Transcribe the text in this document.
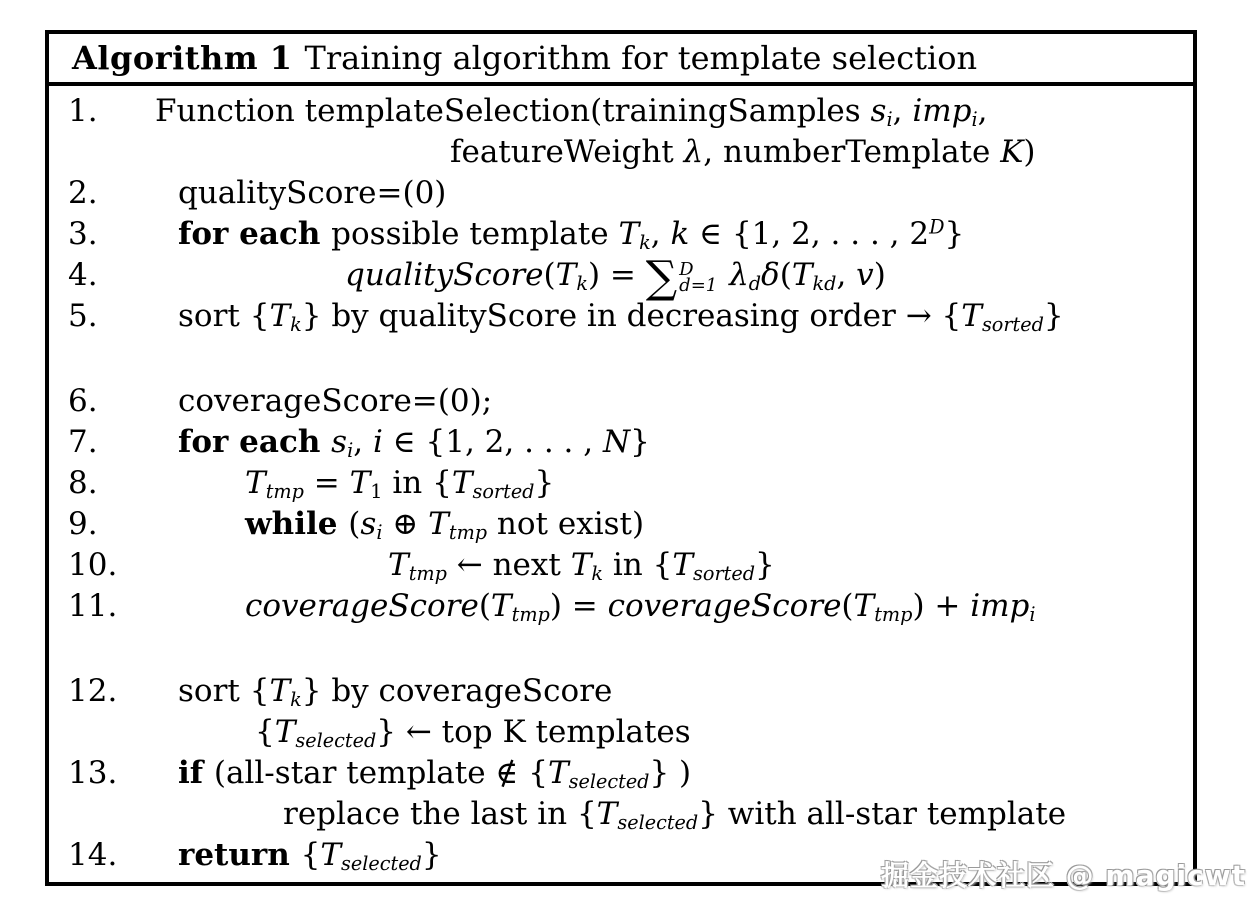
Algorithm 1 Training algorithm for template selection
1. Function templateSelection(trainingSamples $s_i$, imp$_i$,
featureWeight λ, numberTemplate K)
2.	qualityScore=(0)
3.	for each possible template $T_k$, k ∈ {1, 2, . . . , $2^D$}
4.	$qualityScore(T_k)$ = ∑ D
d=1 $\lambda_d\delta(T_{kd}$, v)
5.	sort $\{T_k\}$ by qualityScore in decreasing order → $\{T_{sorted}\}$
6.	coverageScore=(0);
7.	for each $s_i$, i ∈ {1, 2, . . . , N}
8.	$T_{tmp} = T_1$ in $\{T_{sorted}\}$
9.	while ($s_i$ ⊕ $T_{tmp}$ not exist)
10.	$T_{tmp}$ ← next $T_k$ in $\{T_{sorted}\}$
11.	$coverageScore(T_{tmp})$ = $coverageScore(T_{tmp}) + imp_i$
12. sort $\{T_k\}$ by coverageScore
$\{T_{selected}\}$ ← top K templates
13. if (all-star template ∉ $\{T_{selected}\}$ )
replace the last in $\{T_{selected}\}$ with all-star template
14. return $\{T_{selected}\}$
掘金技术社区 @ magicwt
